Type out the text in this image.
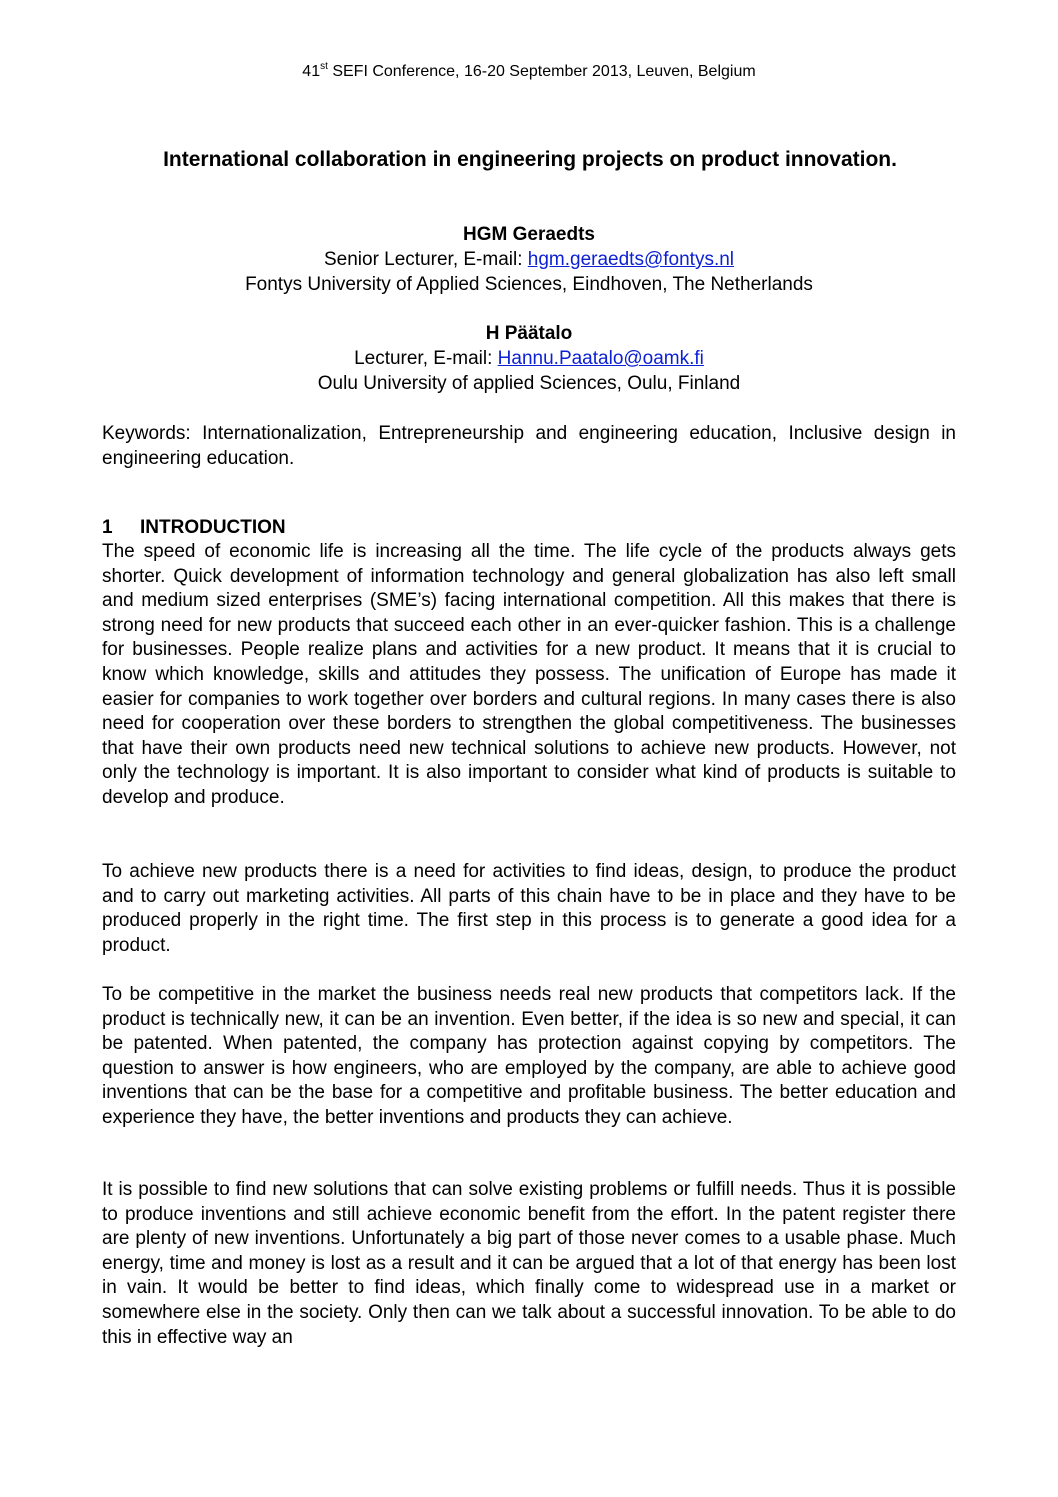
41st SEFI Conference, 16-20 September 2013, Leuven, Belgium
International collaboration in engineering projects on product innovation.
HGM Geraedts
Senior Lecturer, E-mail: hgm.geraedts@fontys.nl
Fontys University of Applied Sciences, Eindhoven, The Netherlands
H Päätalo
Lecturer, E-mail: Hannu.Paatalo@oamk.fi
Oulu University of applied Sciences, Oulu, Finland
Keywords: Internationalization, Entrepreneurship and engineering education, Inclusive design in engineering education.
1 INTRODUCTION

The speed of economic life is increasing all the time. The life cycle of the products always gets shorter. Quick development of information technology and general globalization has also left small and medium sized enterprises (SME’s) facing international competition. All this makes that there is strong need for new products that succeed each other in an ever-quicker fashion. This is a challenge for businesses. People realize plans and activities for a new product. It means that it is crucial to know which knowledge, skills and attitudes they possess. The unification of Europe has made it easier for companies to work together over borders and cultural regions. In many cases there is also need for cooperation over these borders to strengthen the global competitiveness. The businesses that have their own products need new technical solutions to achieve new products. However, not only the technology is important. It is also important to consider what kind of products is suitable to develop and produce.

To achieve new products there is a need for activities to find ideas, design, to produce the product and to carry out marketing activities. All parts of this chain have to be in place and they have to be produced properly in the right time. The first step in this process is to generate a good idea for a product.

To be competitive in the market the business needs real new products that competitors lack. If the product is technically new, it can be an invention. Even better, if the idea is so new and special, it can be patented. When patented, the company has protection against copying by competitors. The question to answer is how engineers, who are employed by the company, are able to achieve good inventions that can be the base for a competitive and profitable business. The better education and experience they have, the better inventions and products they can achieve.

It is possible to find new solutions that can solve existing problems or fulfill needs. Thus it is possible to produce inventions and still achieve economic benefit from the effort. In the patent register there are plenty of new inventions. Unfortunately a big part of those never comes to a usable phase. Much energy, time and money is lost as a result and it can be argued that a lot of that energy has been lost in vain. It would be better to find ideas, which finally come to widespread use in a market or somewhere else in the society. Only then can we talk about a successful innovation. To be able to do this in effective way an
